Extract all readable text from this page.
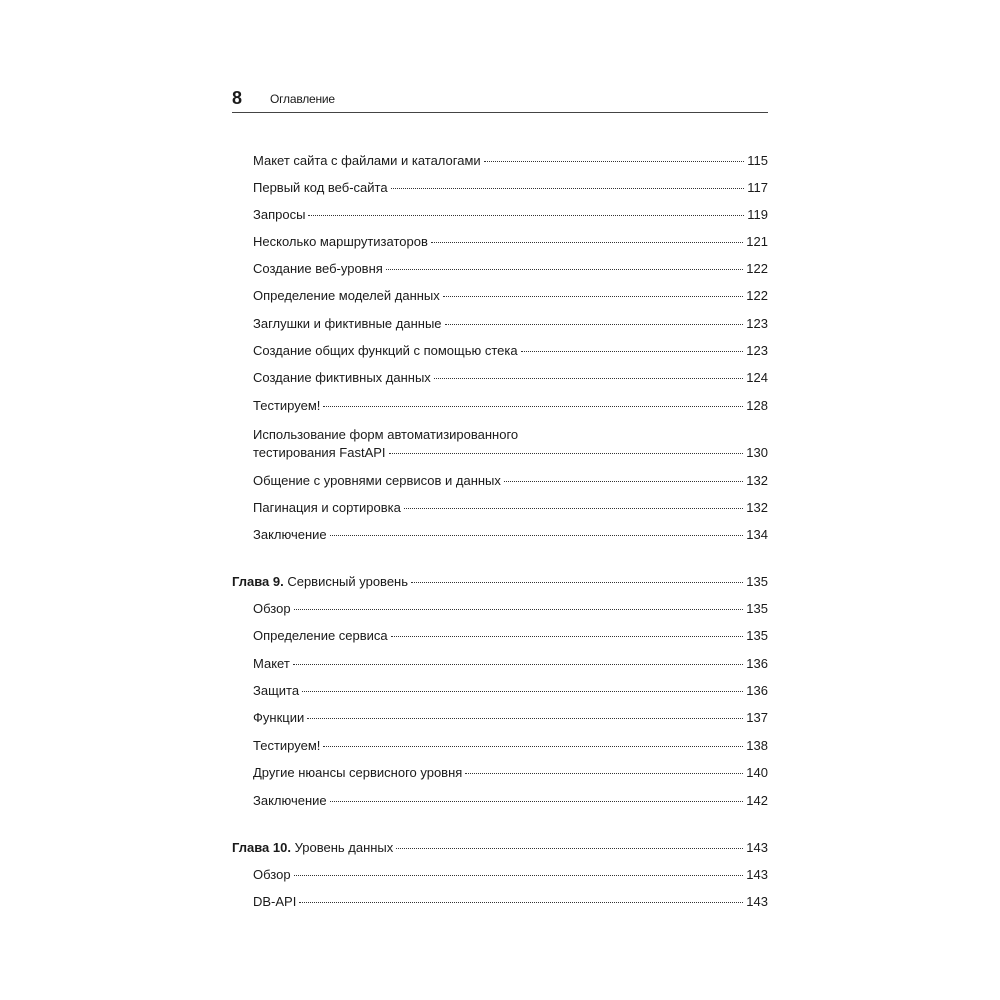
8 Оглавление
Макет сайта с файлами и каталогами	115
Первый код веб-сайта	117
Запросы	119
Несколько маршрутизаторов	121
Создание веб-уровня	122
Определение моделей данных	122
Заглушки и фиктивные данные	123
Создание общих функций с помощью стека	123
Создание фиктивных данных	124
Тестируем!	128
Использование форм автоматизированного
тестирования FastAPI	130
Общение с уровнями сервисов и данных	132
Пагинация и сортировка	132
Заключение	134
Глава 9. Сервисный уровень	135
Обзор	135
Определение сервиса	135
Макет	136
Защита	136
Функции	137
Тестируем!	138
Другие нюансы сервисного уровня	140
Заключение	142
Глава 10. Уровень данных	143
Обзор	143
DB-API	143
